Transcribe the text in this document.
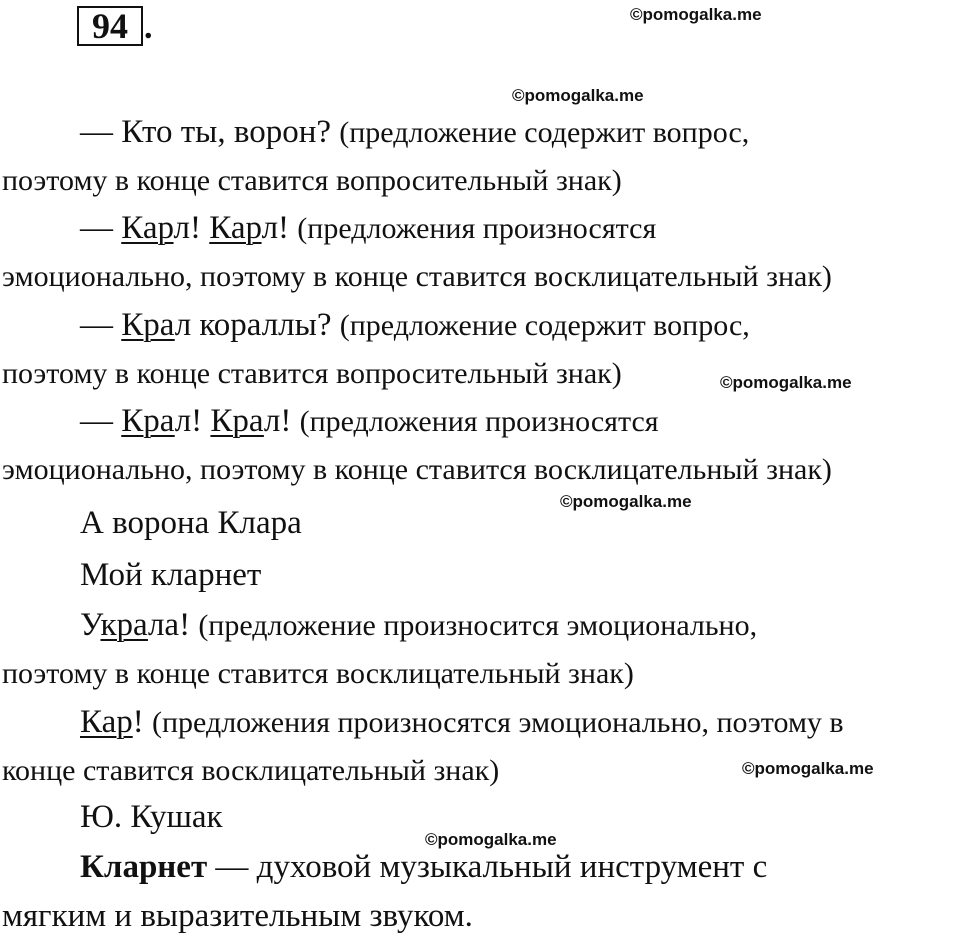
94 .	©pomogalka.me
©pomogalka.me
©pomogalka.me
©pomogalka.me
©pomogalka.me
©pomogalka.me
— Кто ты, ворон? (предложение содержит вопрос,
поэтому в конце ставится вопросительный знак)
— Карл! Карл! (предложения произносятся
эмоционально, поэтому в конце ставится восклицательный знак)
— Крал кораллы? (предложение содержит вопрос,
поэтому в конце ставится вопросительный знак)
— Крал! Крал! (предложения произносятся
эмоционально, поэтому в конце ставится восклицательный знак)
А ворона Клара
Мой кларнет
Украла! (предложение произносится эмоционально,
поэтому в конце ставится восклицательный знак)
Кар! (предложения произносятся эмоционально, поэтому в
конце ставится восклицательный знак)
Ю. Кушак
Кларнет — духовой музыкальный инструмент с
мягким и выразительным звуком.
